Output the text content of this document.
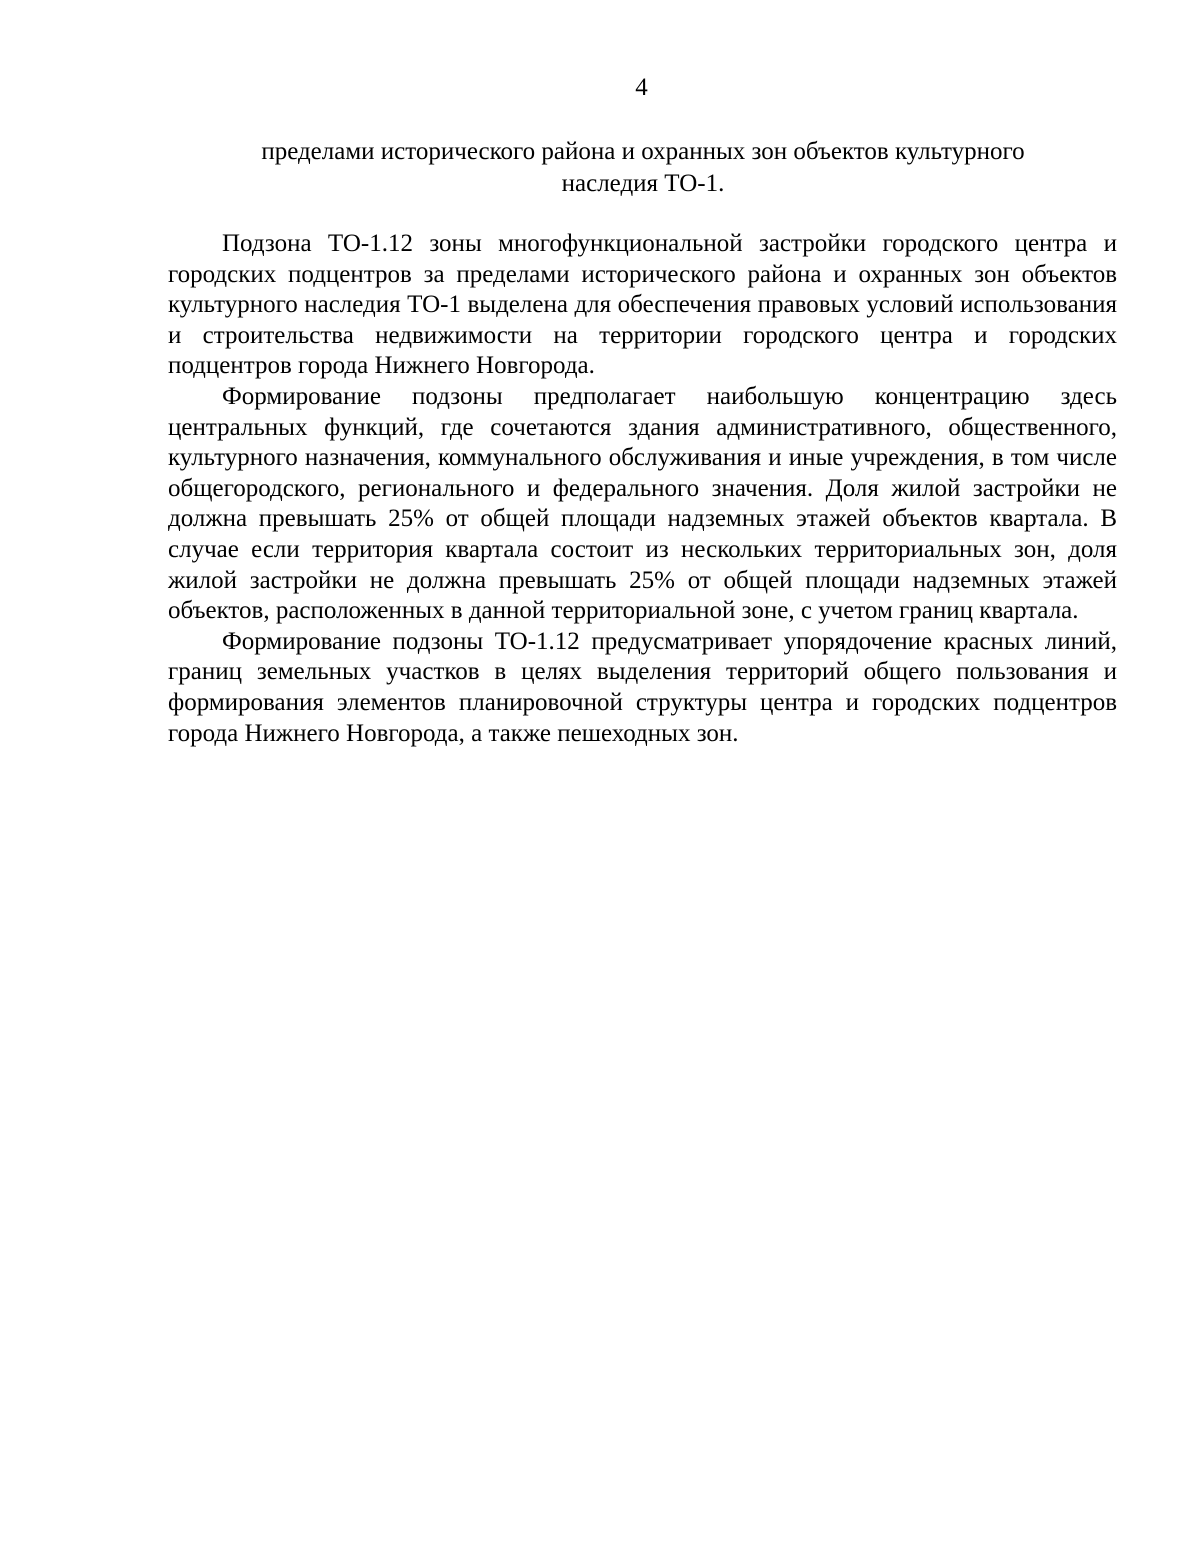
4
пределами исторического района и охранных зон объектов культурного
наследия ТО-1.

Подзона ТО-1.12 зоны многофункциональной застройки городского центра и городских подцентров за пределами исторического района и охранных зон объектов культурного наследия ТО-1 выделена для обеспечения правовых условий использования и строительства недвижимости на территории городского центра и городских подцентров города Нижнего Новгорода.

Формирование подзоны предполагает наибольшую концентрацию здесь центральных функций, где сочетаются здания административного, общественного, культурного назначения, коммунального обслуживания и иные учреждения, в том числе общегородского, регионального и федерального значения. Доля жилой застройки не должна превышать 25% от общей площади надземных этажей объектов квартала. В случае если территория квартала состоит из нескольких территориальных зон, доля жилой застройки не должна превышать 25% от общей площади надземных этажей объектов, расположенных в данной территориальной зоне, с учетом границ квартала.

Формирование подзоны ТО-1.12 предусматривает упорядочение красных линий, границ земельных участков в целях выделения территорий общего пользования и формирования элементов планировочной структуры центра и городских подцентров города Нижнего Новгорода, а также пешеходных зон.
